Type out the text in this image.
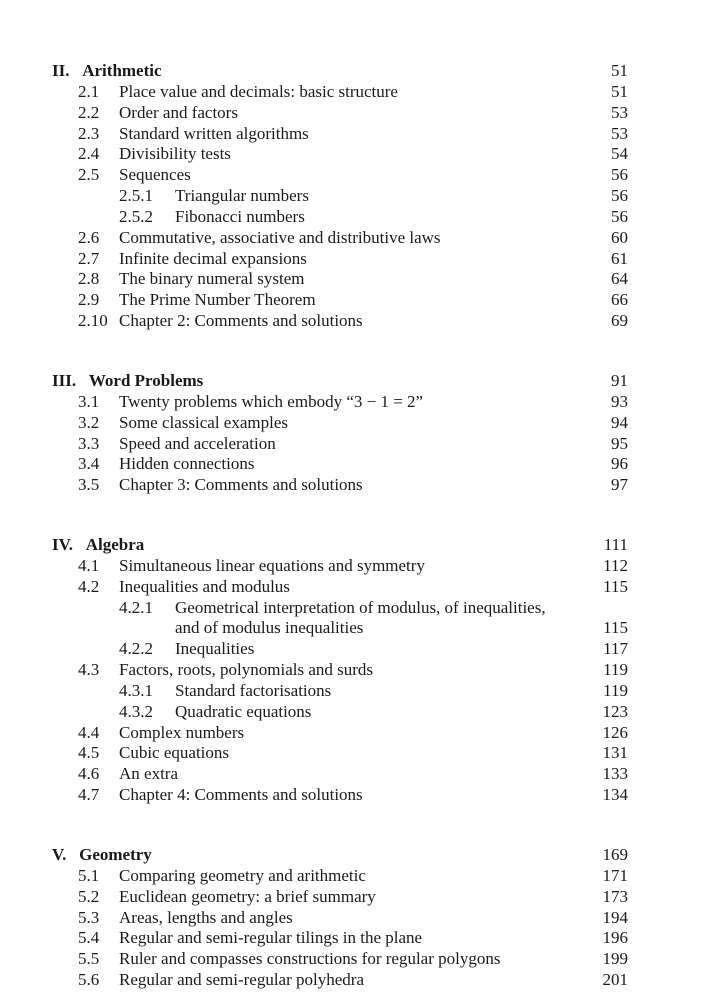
II. Arithmetic	51
2.1 Place value and decimals: basic structure	51
2.2 Order and factors	53
2.3 Standard written algorithms	53
2.4 Divisibility tests	54
2.5 Sequences	56
2.5.1 Triangular numbers	56
2.5.2 Fibonacci numbers	56
2.6 Commutative, associative and distributive laws	60
2.7 Infinite decimal expansions	61
2.8 The binary numeral system	64
2.9 The Prime Number Theorem	66
2.10 Chapter 2: Comments and solutions	69
III. Word Problems	91
3.1 Twenty problems which embody “3 − 1 = 2”	93
3.2 Some classical examples	94
3.3 Speed and acceleration	95
3.4 Hidden connections	96
3.5 Chapter 3: Comments and solutions	97
IV. Algebra	111
4.1 Simultaneous linear equations and symmetry	112
4.2 Inequalities and modulus	115
4.2.1 Geometrical interpretation of modulus, of inequalities,
and of modulus inequalities	115
4.2.2 Inequalities	117
4.3 Factors, roots, polynomials and surds	119
4.3.1 Standard factorisations	119
4.3.2 Quadratic equations	123
4.4 Complex numbers	126
4.5 Cubic equations	131
4.6 An extra	133
4.7 Chapter 4: Comments and solutions	134
V. Geometry	169
5.1 Comparing geometry and arithmetic	171
5.2 Euclidean geometry: a brief summary	173
5.3 Areas, lengths and angles	194
5.4 Regular and semi-regular tilings in the plane	196
5.5 Ruler and compasses constructions for regular polygons	199
5.6 Regular and semi-regular polyhedra	201
